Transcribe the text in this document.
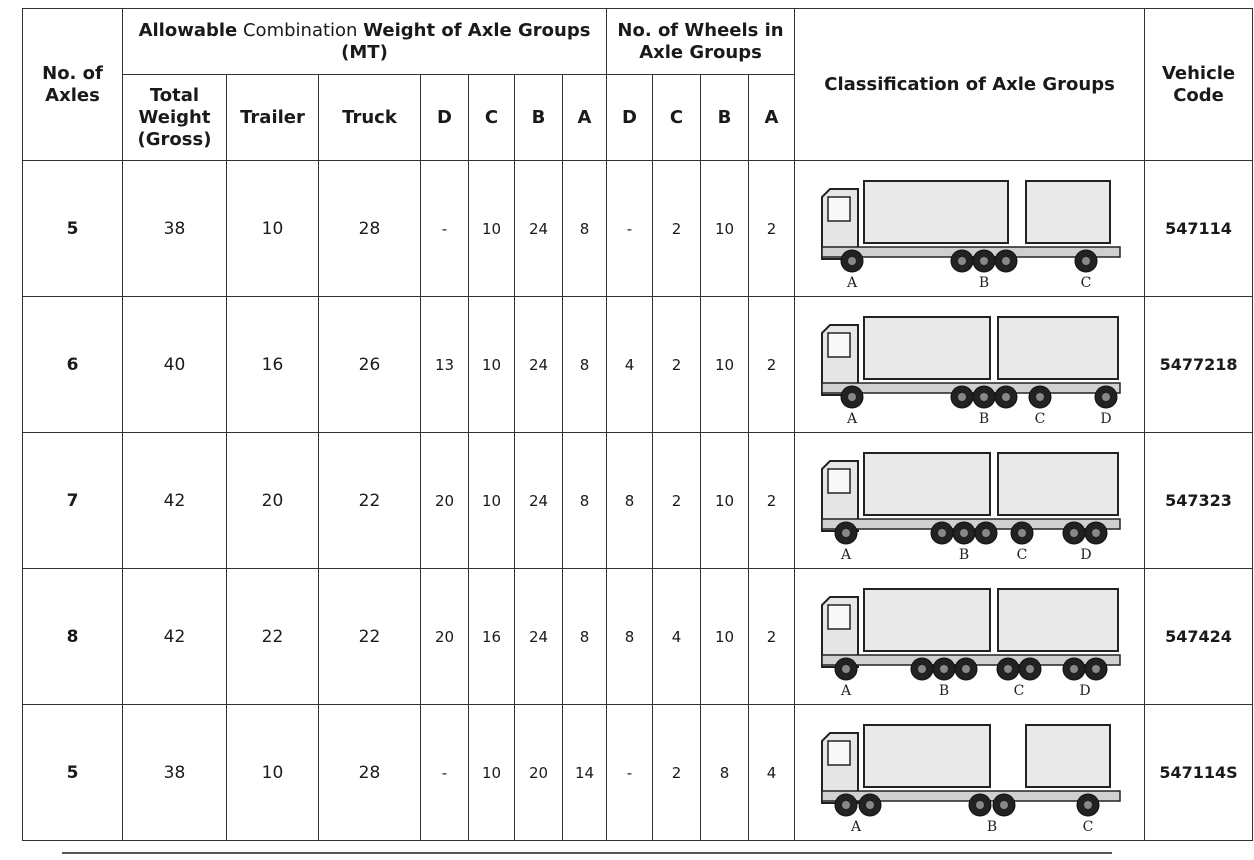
No. of Axles	Allowable Combination Weight of Axle Groups (MT)							No. of Wheels in Axle Groups				Classification of Axle Groups	Vehicle Code
	Total Weight (Gross)	Trailer	Truck	D	C	B	A	D	C	B	A		
5	38	10	28	-	10	24	8	-	2	10	2	A B C	547114
6	40	16	26	13	10	24	8	4	2	10	2	A B C D	5477218
7	42	20	22	20	10	24	8	8	2	10	2	A B C D	547323
8	42	22	22	20	16	24	8	8	4	10	2	A B C D	547424
5	38	10	28	-	10	20	14	-	2	8	4	A B C	547114S
